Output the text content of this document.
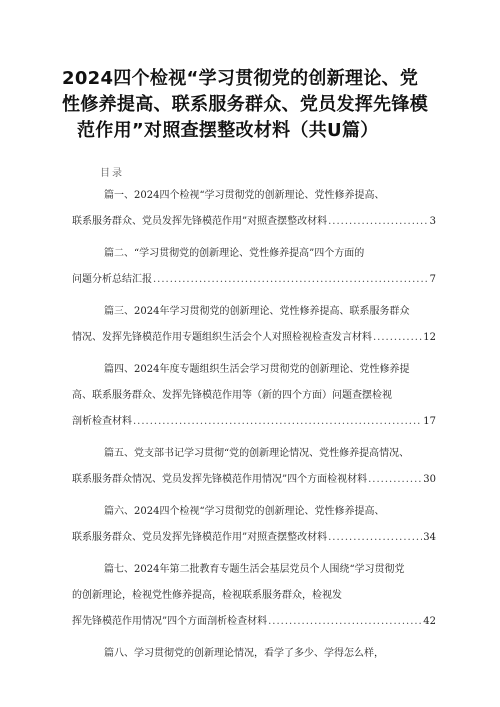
2024四个检视“学习贯彻党的创新理论、党
性修养提高、联系服务群众、党员发挥先锋模
范作用”对照查摆整改材料（共U篇）
目录
篇一、2024四个检视“学习贯彻党的创新理论、党性修养提高、
联系服务群众、党员发挥先锋模范作用”对照查摆整改材料 .....	3
篇二、“学习贯彻党的创新理论、党性修养提高”四个方面的
问题分析总结汇报 .....	7
篇三、2024年学习贯彻党的创新理论、党性修养提高、联系服务群众
情况、发挥先锋模范作用专题组织生活会个人对照检视检查发言材料 .....	12
篇四、2024年度专题组织生活会学习贯彻党的创新理论、党性修养提
高、联系服务群众、发挥先锋模范作用等（新的四个方面）问题查摆检视
剖析检查材料 .....	17
篇五、党支部书记学习贯彻“党的创新理论情况、党性修养提高情况、
联系服务群众情况、党员发挥先锋模范作用情况”四个方面检视材料 .....	30
篇六、2024四个检视“学习贯彻党的创新理论、党性修养提高、
联系服务群众、党员发挥先锋模范作用”对照查摆整改材料 .....	34
篇七、2024年第二批教育专题生活会基层党员个人围绕“学习贯彻党
的创新理论，检视党性修养提高，检视联系服务群众，检视发
挥先锋模范作用情况”四个方面剖析检查材料 .....	42
篇八、学习贯彻党的创新理论情况，看学了多少、学得怎么样，
